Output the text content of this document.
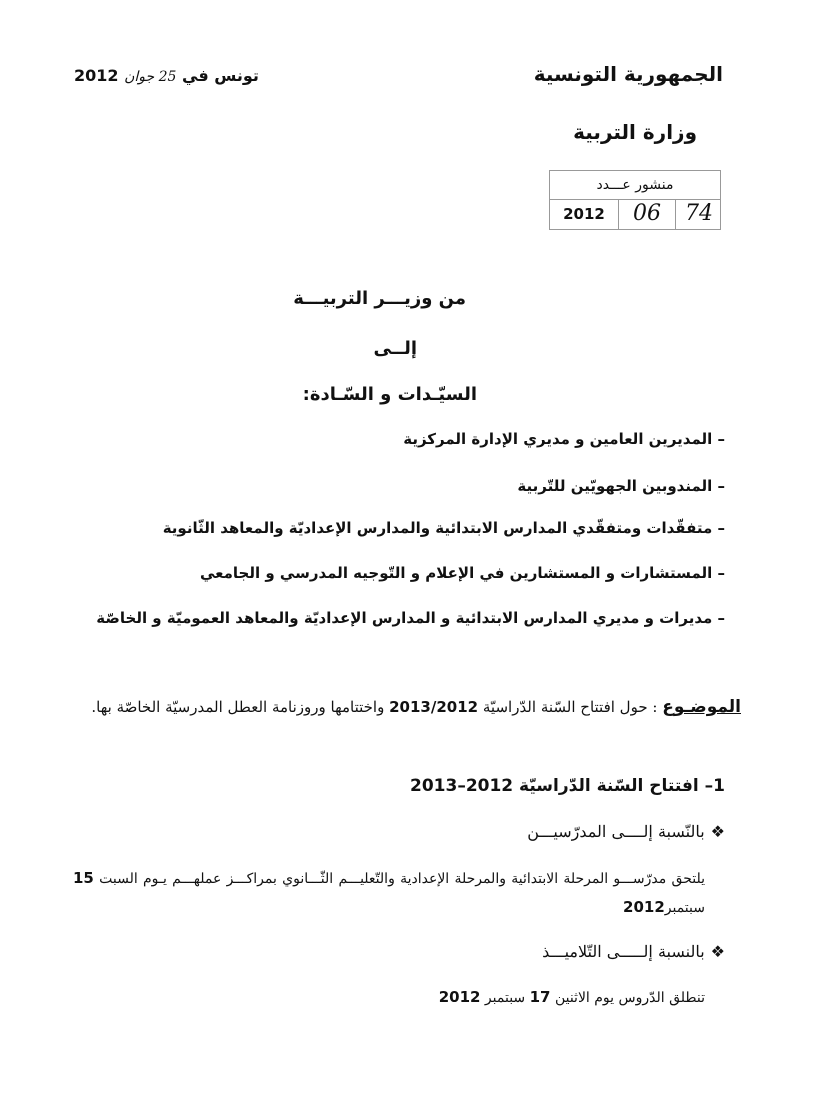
الجمهورية التونسية
وزارة التربية
تونس في 25 جوان 2012
منشور عـــدد
2012	06	74
من وزيـــر التربيـــة
إلــى
السيّـدات و السّـادة:
– المديرين العامين و مديري الإدارة المركزية
– المندوبين الجهويّين للتّربية
– متفقّدات ومتفقّدي المدارس الابتدائية والمدارس الإعداديّة والمعاهد الثّانوية
– المستشارات و المستشارين في الإعلام و التّوجيه المدرسي و الجامعي
– مديرات و مديري المدارس الابتدائية و المدارس الإعداديّة والمعاهد العموميّة و الخاصّة
الموضـوع : حول افتتاح السّنة الدّراسيّة 2013/2012 واختتامها وروزنامة العطل المدرسيّة الخاصّة بها.
1– افتتاح السّنة الدّراسيّة 2012–2013
❖بالنّسبة إلــــى المدرّسيـــن
يلتحق مدرّســـو المرحلة الابتدائية والمرحلة الإعدادية والتّعليـــم الثّـــانوي بمراكـــز عملهـــم يـوم السبت 15 سبتمبر2012
❖بالنسبة إلـــــى التّلاميـــذ
تنطلق الدّروس يوم الاثنين 17 سبتمبر 2012
